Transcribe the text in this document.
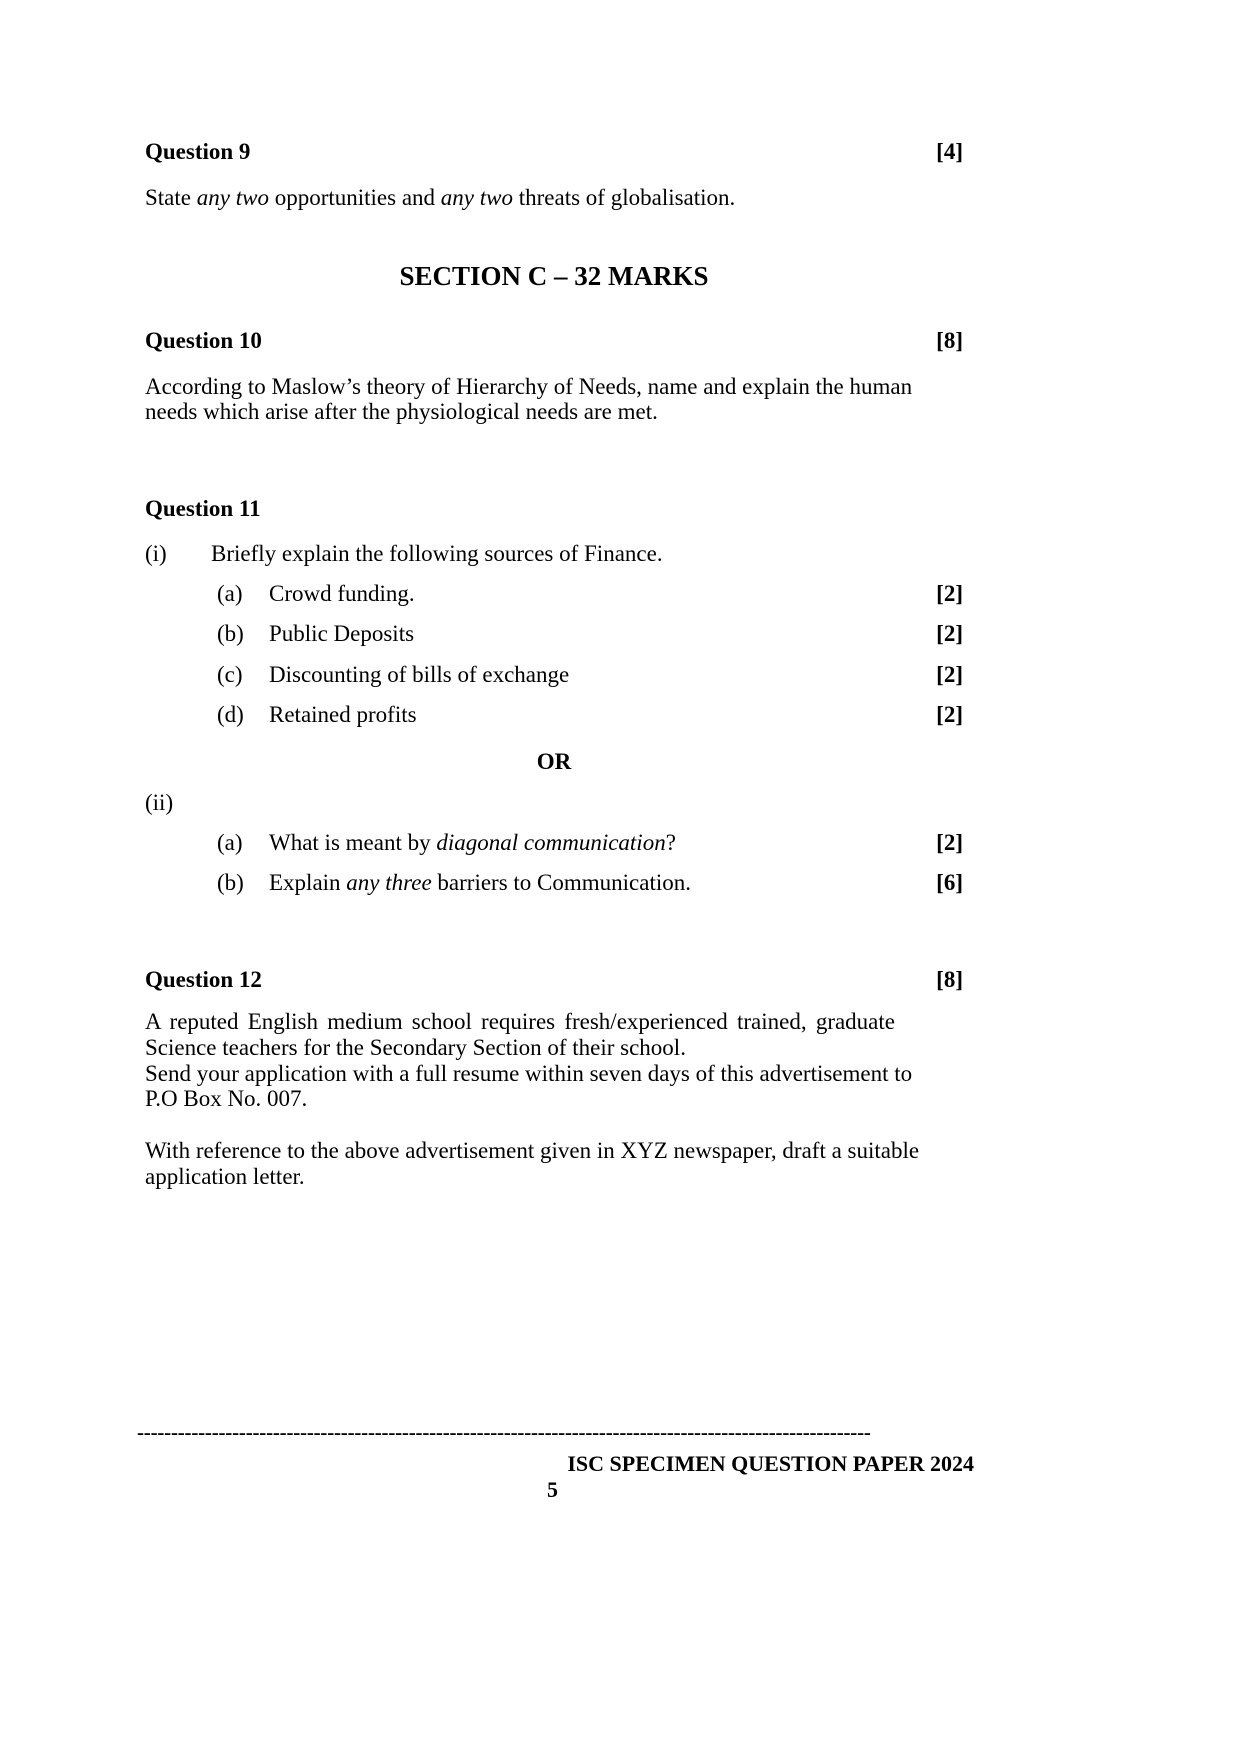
Question 9	[4]
State any two opportunities and any two threats of globalisation.
SECTION C – 32 MARKS
Question 10	[8]
According to Maslow’s theory of Hierarchy of Needs, name and explain the human
needs which arise after the physiological needs are met.
Question 11
(i) Briefly explain the following sources of Finance.
(a) Crowd funding.	[2]
(b) Public Deposits	[2]
(c) Discounting of bills of exchange	[2]
(d) Retained profits	[2]
OR
(ii)
(a) What is meant by diagonal communication?	[2]
(b) Explain any three barriers to Communication.	[6]
Question 12	[8]
A reputed English medium school requires fresh/experienced trained, graduate
Science teachers for the Secondary Section of their school.
Send your application with a full resume within seven days of this advertisement to
P.O Box No. 007.
With reference to the above advertisement given in XYZ newspaper, draft a suitable
application letter.
------------------------------------------------------------------------------------------------------------
ISC SPECIMEN QUESTION PAPER 2024
5
